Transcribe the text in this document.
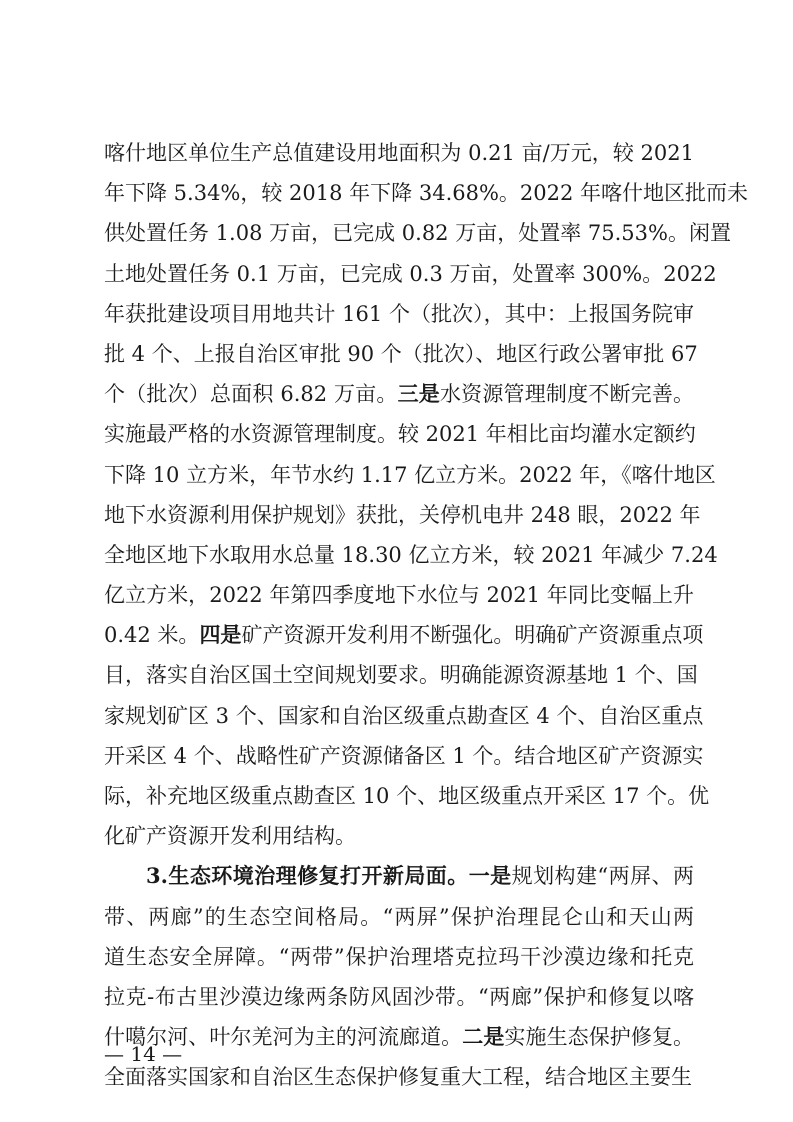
喀什地区单位生产总值建设用地面积为 0.21 亩/万元，较 2021
年下降 5.34%，较 2018 年下降 34.68%。2022 年喀什地区批而未
供处置任务 1.08 万亩，已完成 0.82 万亩，处置率 75.53%。闲置
土地处置任务 0.1 万亩，已完成 0.3 万亩，处置率 300%。2022
年获批建设项目用地共计 161 个（批次），其中：上报国务院审
批 4 个、上报自治区审批 90 个（批次）、地区行政公署审批 67
个（批次）总面积 6.82 万亩。三是水资源管理制度不断完善。
实施最严格的水资源管理制度。较 2021 年相比亩均灌水定额约
下降 10 立方米，年节水约 1.17 亿立方米。2022 年，《喀什地区
地下水资源利用保护规划》获批，关停机电井 248 眼，2022 年
全地区地下水取用水总量 18.30 亿立方米，较 2021 年减少 7.24
亿立方米，2022 年第四季度地下水位与 2021 年同比变幅上升
0.42 米。四是矿产资源开发利用不断强化。明确矿产资源重点项
目，落实自治区国土空间规划要求。明确能源资源基地 1 个、国
家规划矿区 3 个、国家和自治区级重点勘查区 4 个、自治区重点
开采区 4 个、战略性矿产资源储备区 1 个。结合地区矿产资源实
际，补充地区级重点勘查区 10 个、地区级重点开采区 17 个。优
化矿产资源开发利用结构。
3.生态环境治理修复打开新局面。一是规划构建“两屏、两
带、两廊”的生态空间格局。“两屏”保护治理昆仑山和天山两
道生态安全屏障。“两带”保护治理塔克拉玛干沙漠边缘和托克
拉克-布古里沙漠边缘两条防风固沙带。“两廊”保护和修复以喀
什噶尔河、叶尔羌河为主的河流廊道。二是实施生态保护修复。
全面落实国家和自治区生态保护修复重大工程，结合地区主要生
— 14 —
